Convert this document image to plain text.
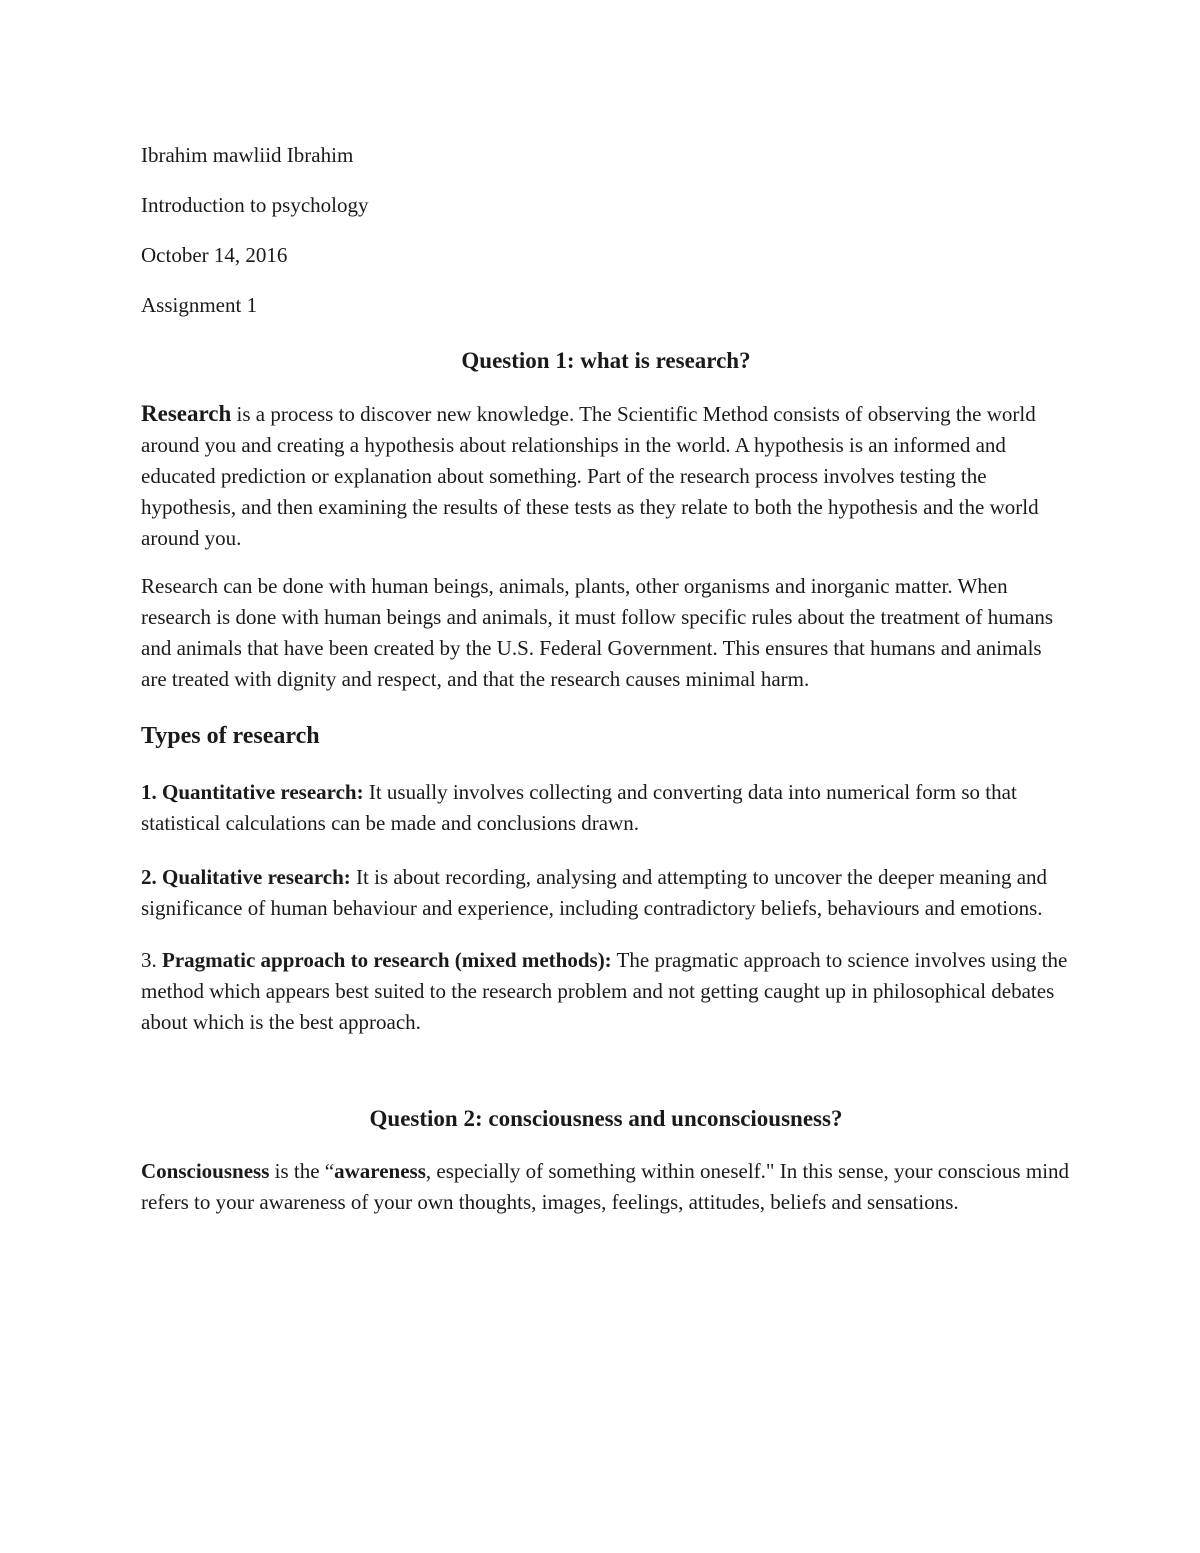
Ibrahim mawliid Ibrahim

Introduction to psychology

October 14, 2016

Assignment 1

Question 1: what is research?

Research is a process to discover new knowledge. The Scientific Method consists of observing the world around you and creating a hypothesis about relationships in the world. A hypothesis is an informed and educated prediction or explanation about something. Part of the research process involves testing the hypothesis, and then examining the results of these tests as they relate to both the hypothesis and the world around you.

Research can be done with human beings, animals, plants, other organisms and inorganic matter. When research is done with human beings and animals, it must follow specific rules about the treatment of humans and animals that have been created by the U.S. Federal Government. This ensures that humans and animals are treated with dignity and respect, and that the research causes minimal harm.

Types of research

1. Quantitative research: It usually involves collecting and converting data into numerical form so that statistical calculations can be made and conclusions drawn.

2. Qualitative research: It is about recording, analysing and attempting to uncover the deeper meaning and significance of human behaviour and experience, including contradictory beliefs, behaviours and emotions.

3. Pragmatic approach to research (mixed methods): The pragmatic approach to science involves using the method which appears best suited to the research problem and not getting caught up in philosophical debates about which is the best approach.

Question 2: consciousness and unconsciousness?

Consciousness is the “awareness, especially of something within oneself." In this sense, your conscious mind refers to your awareness of your own thoughts, images, feelings, attitudes, beliefs and sensations.
